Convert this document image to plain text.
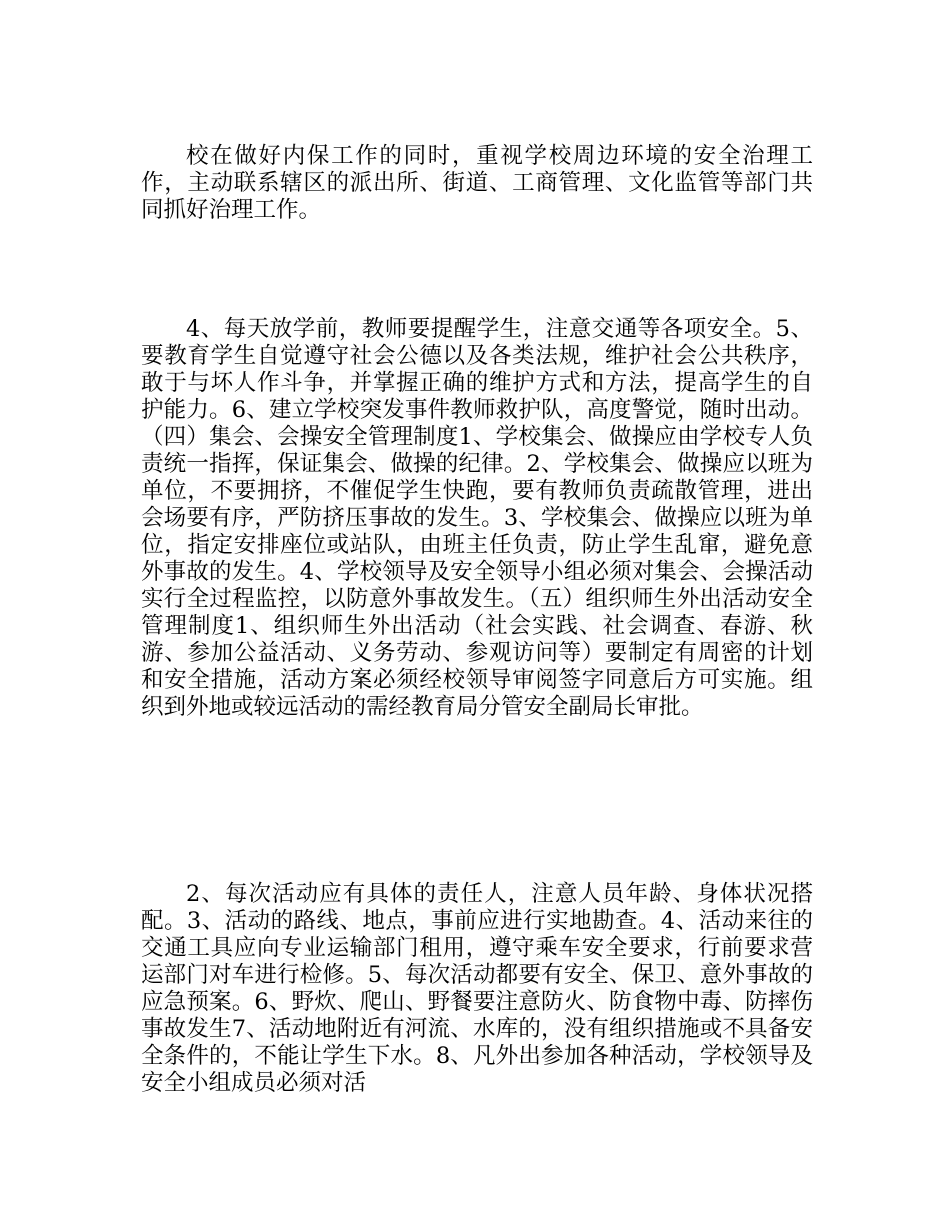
校在做好内保工作的同时，重视学校周边环境的安全治理工作，主动联系辖区的派出所、街道、工商管理、文化监管等部门共同抓好治理工作。

4、每天放学前，教师要提醒学生，注意交通等各项安全。5、要教育学生自觉遵守社会公德以及各类法规，维护社会公共秩序，敢于与坏人作斗争，并掌握正确的维护方式和方法，提高学生的自护能力。6、建立学校突发事件教师救护队，高度警觉，随时出动。（四）集会、会操安全管理制度1、学校集会、做操应由学校专人负责统一指挥，保证集会、做操的纪律。2、学校集会、做操应以班为单位，不要拥挤，不催促学生快跑，要有教师负责疏散管理，进出会场要有序，严防挤压事故的发生。3、学校集会、做操应以班为单位，指定安排座位或站队，由班主任负责，防止学生乱窜，避免意外事故的发生。4、学校领导及安全领导小组必须对集会、会操活动实行全过程监控，以防意外事故发生。（五）组织师生外出活动安全管理制度1、组织师生外出活动（社会实践、社会调查、春游、秋游、参加公益活动、义务劳动、参观访问等）要制定有周密的计划和安全措施，活动方案必须经校领导审阅签字同意后方可实施。组织到外地或较远活动的需经教育局分管安全副局长审批。

2、每次活动应有具体的责任人，注意人员年龄、身体状况搭配。3、活动的路线、地点，事前应进行实地勘查。4、活动来往的交通工具应向专业运输部门租用，遵守乘车安全要求，行前要求营运部门对车进行检修。5、每次活动都要有安全、保卫、意外事故的应急预案。6、野炊、爬山、野餐要注意防火、防食物中毒、防摔伤事故发生7、活动地附近有河流、水库的，没有组织措施或不具备安全条件的，不能让学生下水。8、凡外出参加各种活动，学校领导及安全小组成员必须对活
